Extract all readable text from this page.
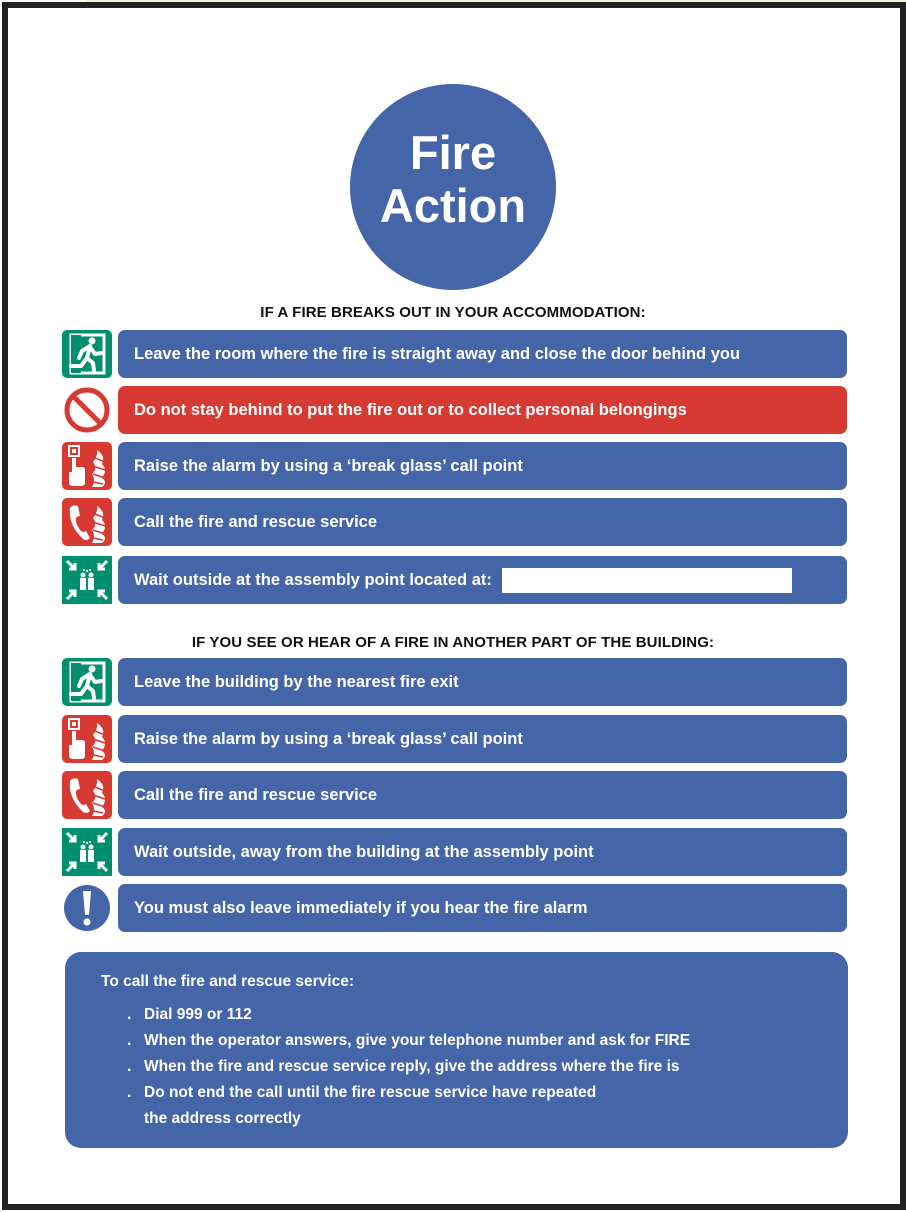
Fire
Action
IF A FIRE BREAKS OUT IN YOUR ACCOMMODATION:
Leave the room where the fire is straight away and close the door behind you
Do not stay behind to put the fire out or to collect personal belongings
Raise the alarm by using a ‘break glass’ call point
Call the fire and rescue service
Wait outside at the assembly point located at:
IF YOU SEE OR HEAR OF A FIRE IN ANOTHER PART OF THE BUILDING:
Leave the building by the nearest fire exit
Raise the alarm by using a ‘break glass’ call point
Call the fire and rescue service
Wait outside, away from the building at the assembly point
You must also leave immediately if you hear the fire alarm
To call the fire and rescue service:
. Dial 999 or 112
. When the operator answers, give your telephone number and ask for FIRE
. When the fire and rescue service reply, give the address where the fire is
. Do not end the call until the fire rescue service have repeated
the address correctly
